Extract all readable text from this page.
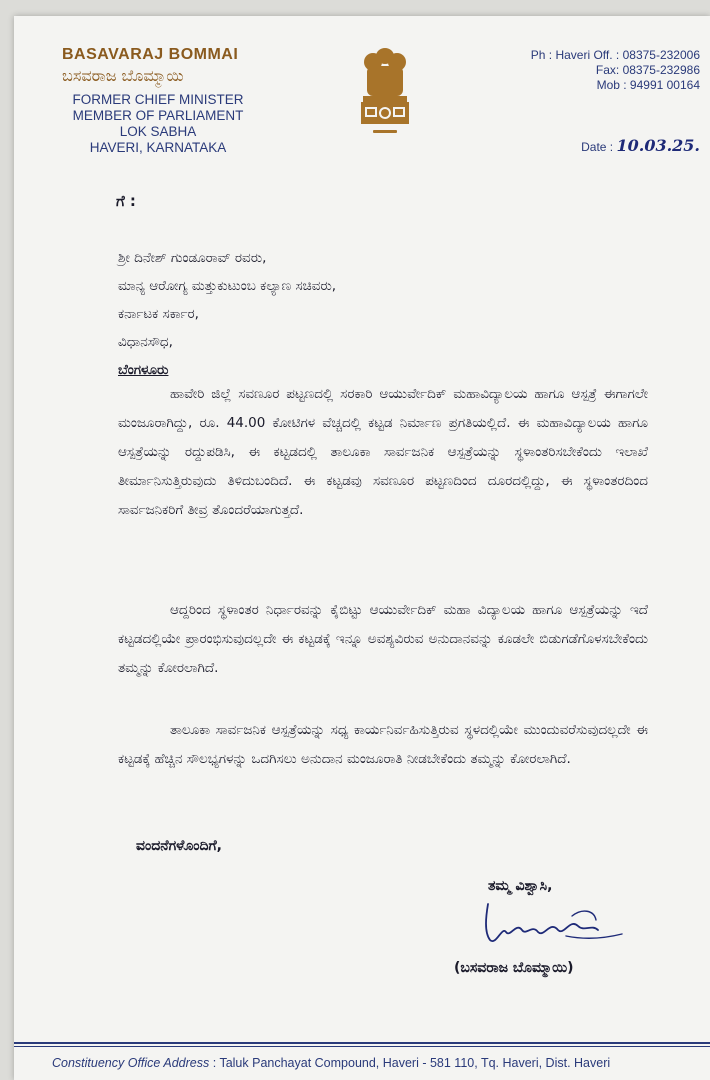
BASAVARAJ BOMMAI
ಬಸವರಾಜ ಬೊಮ್ಮಾಯಿ
FORMER CHIEF MINISTER
MEMBER OF PARLIAMENT
LOK SABHA
HAVERI, KARNATAKA
Ph : Haveri Off. : 08375-232006
Fax: 08375-232986
Mob : 94991 00164
Date : 10.03.25.
ಗೆ :
ಶ್ರೀ ದಿನೇಶ್ ಗುಂಡೂರಾವ್ ರವರು,
ಮಾನ್ಯ ಆರೋಗ್ಯ ಮತ್ತುಕುಟುಂಬ ಕಲ್ಯಾಣ ಸಚಿವರು,
ಕರ್ನಾಟಕ ಸರ್ಕಾರ,
ವಿಧಾನಸೌಧ,
ಬೆಂಗಳೂರು
ಹಾವೇರಿ ಜಿಲ್ಲೆ ಸವಣೂರ ಪಟ್ಟಣದಲ್ಲಿ ಸರಕಾರಿ ಆಯುರ್ವೇದಿಕ್ ಮಹಾವಿದ್ಯಾಲಯ ಹಾಗೂ ಆಸ್ಪತ್ರೆ ಈಗಾಗಲೇ ಮಂಜೂರಾಗಿದ್ದು, ರೂ. 44.00 ಕೋಟಿಗಳ ವೆಚ್ಚದಲ್ಲಿ ಕಟ್ಟಡ ನಿರ್ಮಾಣ ಪ್ರಗತಿಯಲ್ಲಿದೆ. ಈ ಮಹಾವಿದ್ಯಾಲಯ ಹಾಗೂ ಆಸ್ಪತ್ರೆಯನ್ನು ರದ್ದುಪಡಿಸಿ, ಈ ಕಟ್ಟಡದಲ್ಲಿ ತಾಲೂಕಾ ಸಾರ್ವಜನಿಕ ಆಸ್ಪತ್ರೆಯನ್ನು ಸ್ಥಳಾಂತರಿಸಬೇಕೆಂದು ಇಲಾಖೆ ತೀರ್ಮಾನಿಸುತ್ತಿರುವುದು ತಿಳಿದುಬಂದಿದೆ. ಈ ಕಟ್ಟಡವು ಸವಣೂರ ಪಟ್ಟಣದಿಂದ ದೂರದಲ್ಲಿದ್ದು, ಈ ಸ್ಥಳಾಂತರದಿಂದ ಸಾರ್ವಜನಿಕರಿಗೆ ತೀವ್ರ ತೊಂದರೆಯಾಗುತ್ತದೆ.
ಆದ್ದರಿಂದ ಸ್ಥಳಾಂತರ ನಿರ್ಧಾರವನ್ನು ಕೈಬಿಟ್ಟು ಆಯುರ್ವೇದಿಕ್ ಮಹಾ ವಿದ್ಯಾಲಯ ಹಾಗೂ ಆಸ್ಪತ್ರೆಯನ್ನು ಇದೆ ಕಟ್ಟಡದಲ್ಲಿಯೇ ಪ್ರಾರಂಭಿಸುವುದಲ್ಲದೇ ಈ ಕಟ್ಟಡಕ್ಕೆ ಇನ್ನೂ ಅವಶ್ಯವಿರುವ ಅನುದಾನವನ್ನು ಕೂಡಲೇ ಬಿಡುಗಡೆಗೊಳಸಬೇಕೆಂದು ತಮ್ಮನ್ನು ಕೋರಲಾಗಿದೆ.
ತಾಲೂಕಾ ಸಾರ್ವಜನಿಕ ಆಸ್ಪತ್ರೆಯನ್ನು ಸಧ್ಯ ಕಾರ್ಯನಿರ್ವಹಿಸುತ್ತಿರುವ ಸ್ಥಳದಲ್ಲಿಯೇ ಮುಂದುವರೆಸುವುದಲ್ಲದೇ ಈ ಕಟ್ಟಡಕ್ಕೆ ಹೆಚ್ಚಿನ ಸೌಲಭ್ಯಗಳನ್ನು ಒದಗಿಸಲು ಅನುದಾನ ಮಂಜೂರಾತಿ ನೀಡಬೇಕೆಂದು ತಮ್ಮನ್ನು ಕೋರಲಾಗಿದೆ.
ವಂದನೆಗಳೊಂದಿಗೆ,
ತಮ್ಮ ವಿಶ್ವಾಸಿ,
(ಬಸವರಾಜ ಬೊಮ್ಮಾಯಿ)
Constituency Office Address : Taluk Panchayat Compound, Haveri - 581 110, Tq. Haveri, Dist. Haveri
